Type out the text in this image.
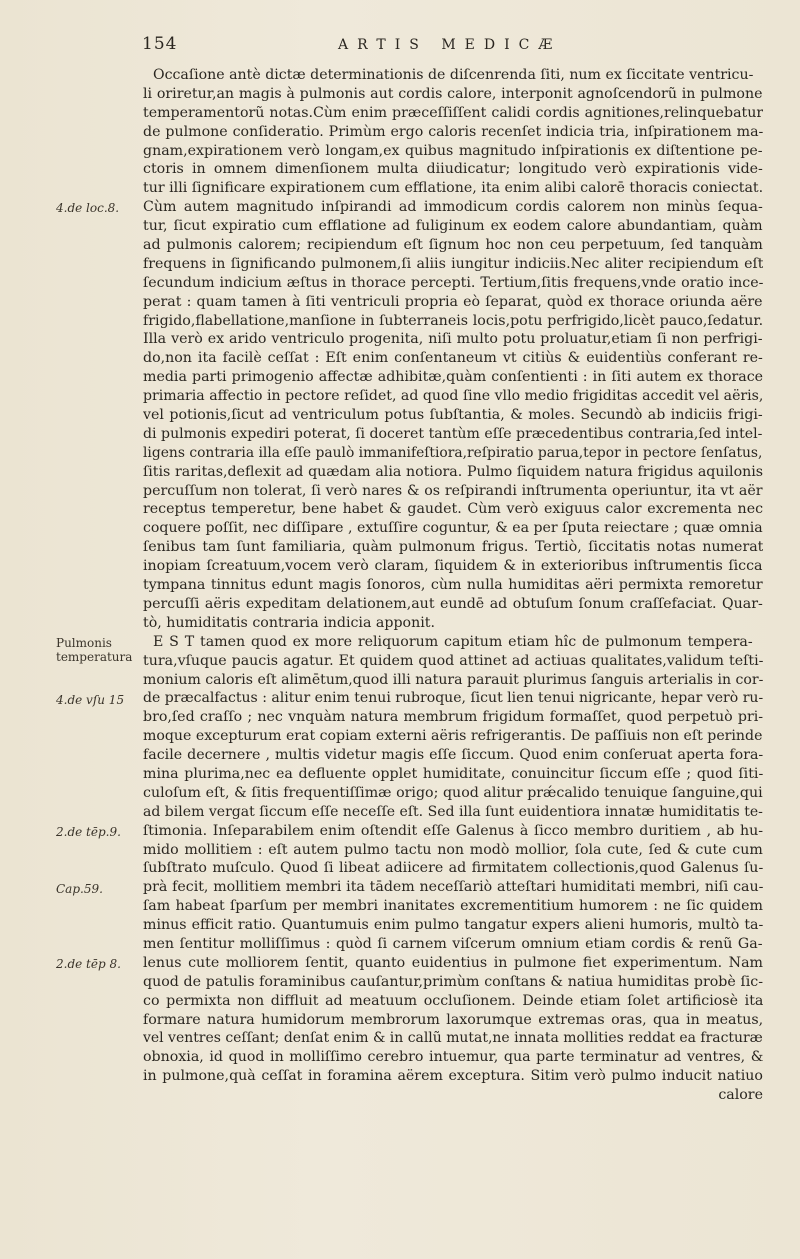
154	ARTIS MEDICÆ
Occaſione antè dictæ determinationis de diſcenrenda ſiti, num ex ſiccitate ventricu-
li oriretur,an magis à pulmonis aut cordis calore, interponit agnoſcendorũ in pulmone
temperamentorũ notas.Cùm enim præceſſiſſent calidi cordis agnitiones,relinquebatur
de pulmone conſideratio. Primùm ergo caloris recenſet indicia tria, inſpirationem ma-
gnam,expirationem verò longam,ex quibus magnitudo inſpirationis ex diſtentione pe-
ctoris in omnem dimenſionem multa diiudicatur; longitudo verò expirationis vide-
tur illi ſignificare expirationem cum efflatione, ita enim alibi calorē thoracis coniectat.
Cùm autem magnitudo inſpirandi ad immodicum cordis calorem non minùs ſequa-
tur, ſicut expiratio cum efflatione ad fuliginum ex eodem calore abundantiam, quàm
ad pulmonis calorem; recipiendum eſt ſignum hoc non ceu perpetuum, ſed tanquàm
frequens in ſignificando pulmonem,ſi aliis iungitur indiciis.Nec aliter recipiendum eſt
ſecundum indicium æſtus in thorace percepti. Tertium,ſitis frequens,vnde oratio ince-
perat : quam tamen à ſiti ventriculi propria eò ſeparat, quòd ex thorace oriunda aëre
frigido,flabellatione,manſione in ſubterraneis locis,potu perfrigido,licèt pauco,ſedatur.
Illa verò ex arido ventriculo progenita, niſi multo potu proluatur,etiam ſi non perfrigi-
do,non ita facilè ceſſat : Eſt enim conſentaneum vt citiùs & euidentiùs conferant re-
media parti primogenio affectæ adhibitæ,quàm conſentienti : in ſiti autem ex thorace
primaria affectio in pectore reſidet, ad quod ſine vllo medio frigiditas accedit vel aëris,
vel potionis,ſicut ad ventriculum potus ſubſtantia, & moles. Secundò ab indiciis frigi-
di pulmonis expediri poterat, ſi doceret tantùm eſſe præcedentibus contraria,ſed intel-
ligens contraria illa eſſe paulò immanifeſtiora,reſpiratio parua,tepor in pectore ſenſatus,
ſitis raritas,deflexit ad quædam alia notiora. Pulmo ſiquidem natura frigidus aquilonis
percuſſum non tolerat, ſi verò nares & os reſpirandi inſtrumenta operiuntur, ita vt aër
receptus temperetur, bene habet & gaudet. Cùm verò exiguus calor excrementa nec
coquere poſſit, nec diſſipare , extuſſire coguntur, & ea per ſputa reiectare ; quæ omnia
ſenibus tam ſunt familiaria, quàm pulmonum frigus. Tertiò, ſiccitatis notas numerat
inopiam ſcreatuum,vocem verò claram, ſiquidem & in exterioribus inſtrumentis ſicca
tympana tinnitus edunt magis ſonoros, cùm nulla humiditas aëri permixta remoretur
percuſſi aëris expeditam delationem,aut eundē ad obtuſum ſonum craſſefaciat. Quar-
tò, humiditatis contraria indicia apponit.
E S T tamen quod ex more reliquorum capitum etiam hîc de pulmonum tempera-
tura,vſuque paucis agatur. Et quidem quod attinet ad actiuas qualitates,validum teſti-
monium caloris eſt alimētum,quod illi natura parauit plurimus ſanguis arterialis in cor-
de præcalfactus : alitur enim tenui rubroque, ſicut lien tenui nigricante, hepar verò ru-
bro,ſed craſſo ; nec vnquàm natura membrum frigidum formaſſet, quod perpetuò pri-
moque excepturum erat copiam externi aëris refrigerantis. De paſſiuis non eſt perinde
facile decernere , multis videtur magis eſſe ſiccum. Quod enim conſeruat aperta fora-
mina plurima,nec ea defluente opplet humiditate, conuincitur ſiccum eſſe ; quod ſiti-
culoſum eſt, & ſitis frequentiſſimæ origo; quod alitur prǽcalido tenuique ſanguine,qui
ad bilem vergat ſiccum eſſe neceſſe eſt. Sed illa ſunt euidentiora innatæ humiditatis te-
ſtimonia. Inſeparabilem enim oſtendit eſſe Galenus à ſicco membro duritiem , ab hu-
mido mollitiem : eſt autem pulmo tactu non modò mollior, ſola cute, ſed & cute cum
ſubſtrato muſculo. Quod ſi libeat adiicere ad firmitatem collectionis,quod Galenus ſu-
prà fecit, mollitiem membri ita tādem neceſſariò atteſtari humiditati membri, niſi cau-
ſam habeat ſparſum per membri inanitates excrementitium humorem : ne ſic quidem
minus efficit ratio. Quantumuis enim pulmo tangatur expers alieni humoris, multò ta-
men ſentitur molliſſimus : quòd ſi carnem viſcerum omnium etiam cordis & renũ Ga-
lenus cute molliorem ſentit, quanto euidentius in pulmone fiet experimentum. Nam
quod de patulis foraminibus cauſantur,primùm conſtans & natiua humiditas probè ſic-
co permixta non diffluit ad meatuum occluſionem. Deinde etiam ſolet artificiosè ita
formare natura humidorum membrorum laxorumque extremas oras, qua in meatus,
vel ventres ceſſant; denſat enim & in callũ mutat,ne innata mollities reddat ea fracturæ
obnoxia, id quod in molliſſimo cerebro intuemur, qua parte terminatur ad ventres, &
in pulmone,quà ceſſat in foramina aërem exceptura. Sitim verò pulmo inducit natiuo
calore
4.de loc.8.
Pulmonis
temperatura
4.de vſu 15
2.de tēp.9.
Cap.59.
2.de tēp 8.
